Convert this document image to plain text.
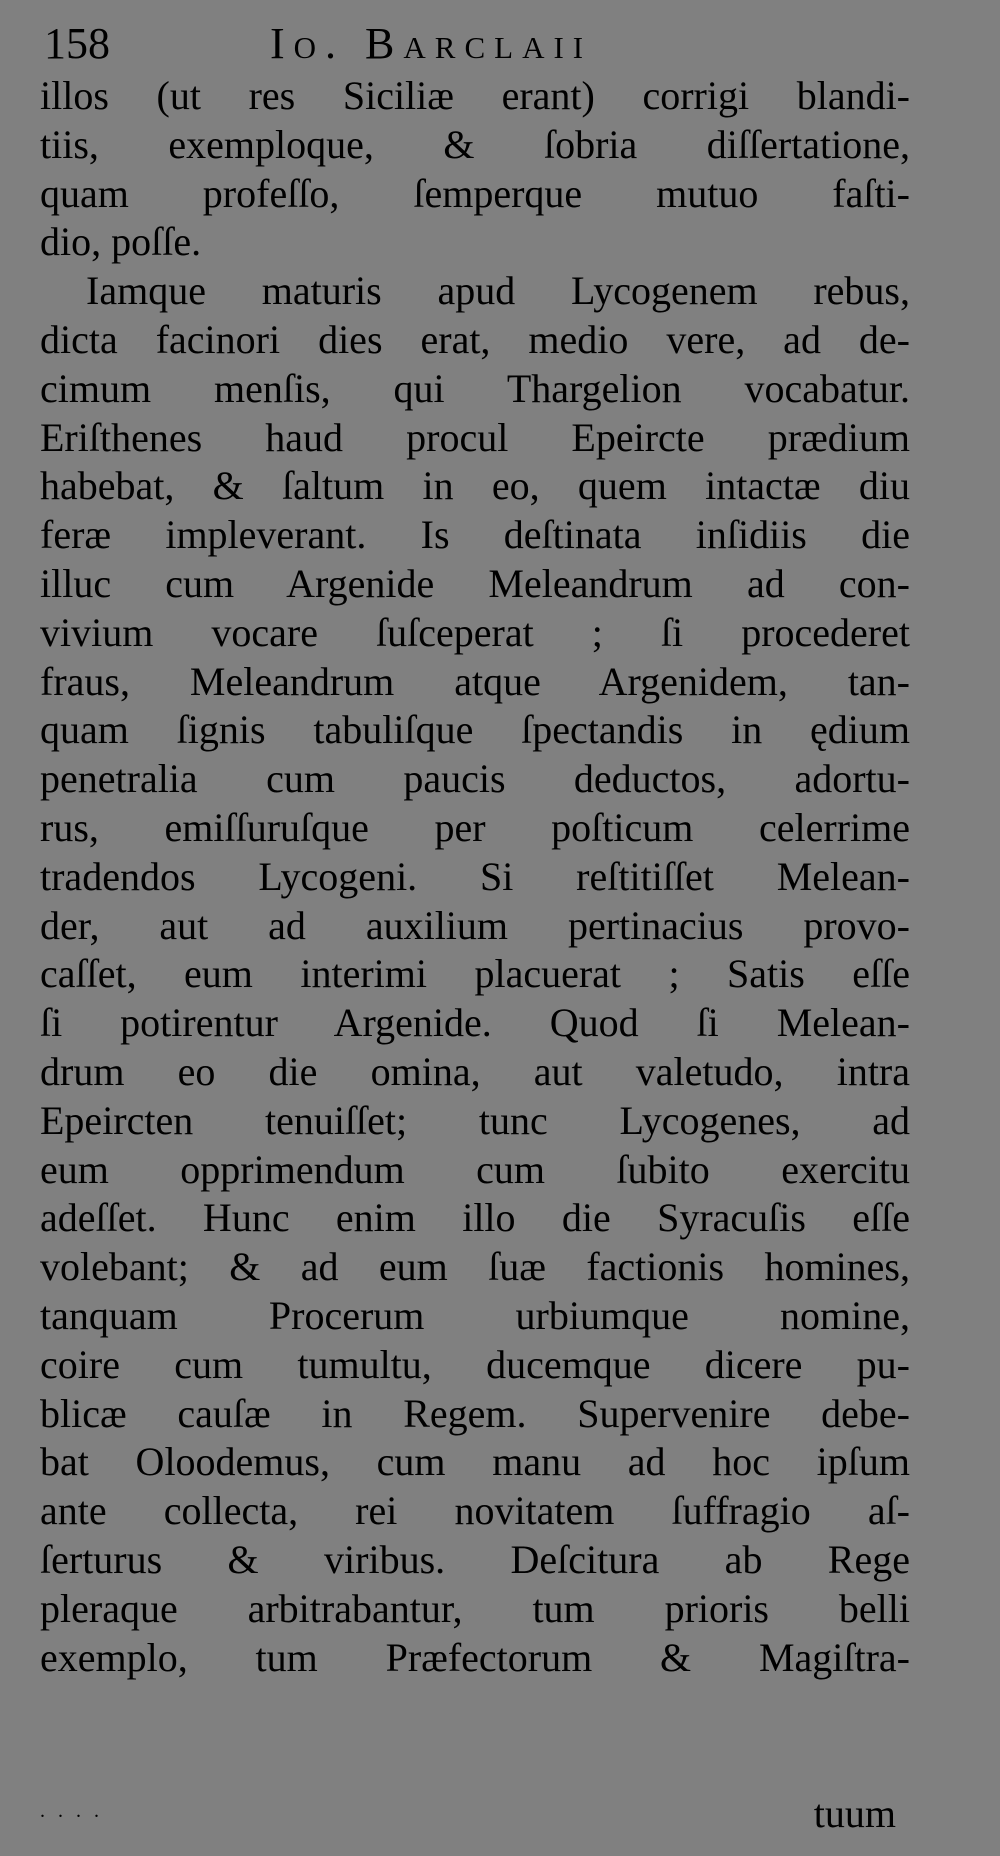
158	Io. Barclaii
illos (ut res Siciliæ erant) corrigi blandi-
tiis, exemploque, & ſobria diſſertatione,
quam profeſſo, ſemperque mutuo faſti-
dio, poſſe.
Iamque maturis apud Lycogenem rebus,
dicta facinori dies erat, medio vere, ad de-
cimum menſis, qui Thargelion vocabatur.
Eriſthenes haud procul Epeircte prædium
habebat, & ſaltum in eo, quem intactæ diu
feræ impleverant. Is deſtinata inſidiis die
illuc cum Argenide Meleandrum ad con-
vivium vocare ſuſceperat ; ſi procederet
fraus, Meleandrum atque Argenidem, tan-
quam ſignis tabuliſque ſpectandis in ędium
penetralia cum paucis deductos, adortu-
rus, emiſſuruſque per poſticum celerrime
tradendos Lycogeni. Si reſtitiſſet Melean-
der, aut ad auxilium pertinacius provo-
caſſet, eum interimi placuerat ; Satis eſſe
ſi potirentur Argenide. Quod ſi Melean-
drum eo die omina, aut valetudo, intra
Epeircten tenuiſſet; tunc Lycogenes, ad
eum opprimendum cum ſubito exercitu
adeſſet. Hunc enim illo die Syracuſis eſſe
volebant; & ad eum ſuæ factionis homines,
tanquam Procerum urbiumque nomine,
coire cum tumultu, ducemque dicere pu-
blicæ cauſæ in Regem. Supervenire debe-
bat Oloodemus, cum manu ad hoc ipſum
ante collecta, rei novitatem ſuffragio aſ-
ſerturus & viribus. Deſcitura ab Rege
pleraque arbitrabantur, tum prioris belli
exemplo, tum Præfectorum & Magiſtra-
. . . .	tuum
